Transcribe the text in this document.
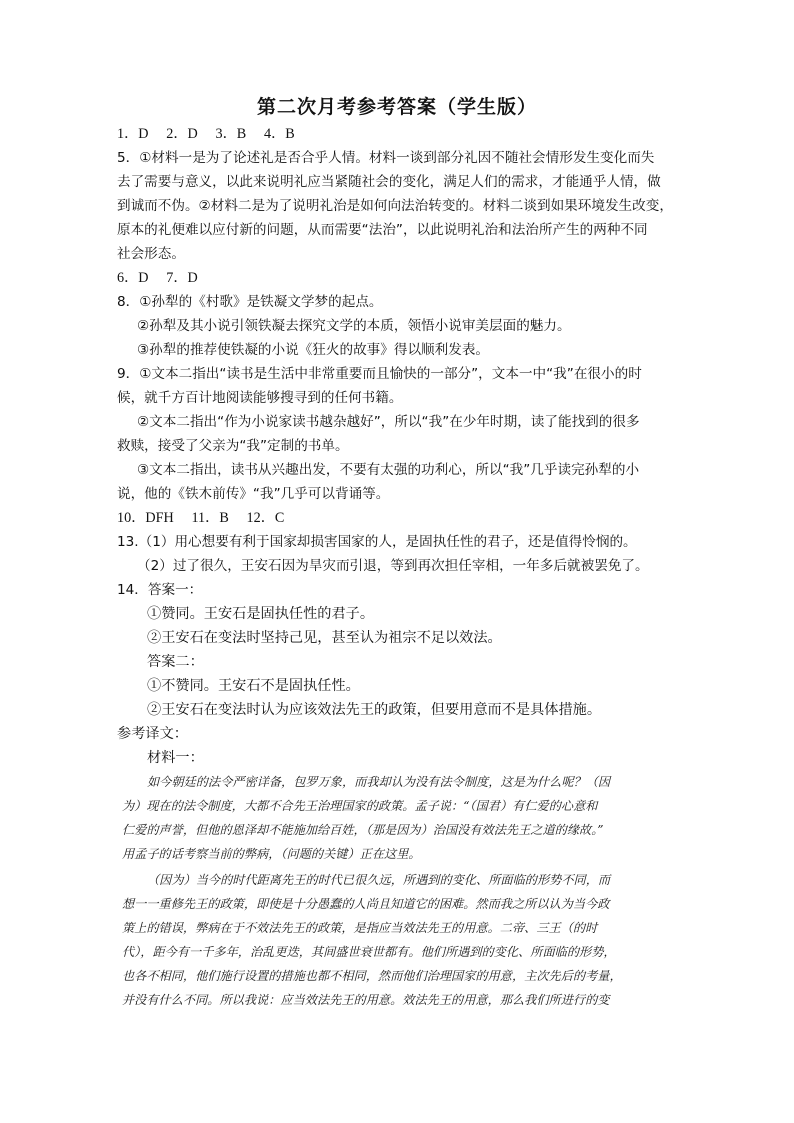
第二次月考参考答案（学生版）
1．D　 2．D　 3．B　 4．B
5．①材料一是为了论述礼是否合乎人情。材料一谈到部分礼因不随社会情形发生变化而失
去了需要与意义，以此来说明礼应当紧随社会的变化，满足人们的需求，才能通乎人情，做
到诚而不伪。②材料二是为了说明礼治是如何向法治转变的。材料二谈到如果环境发生改变，
原本的礼便难以应付新的问题，从而需要“法治”，以此说明礼治和法治所产生的两种不同
社会形态。
6．D　 7．D
8．①孙犁的《村歌》是铁凝文学梦的起点。
②孙犁及其小说引领铁凝去探究文学的本质，领悟小说审美层面的魅力。
③孙犁的推荐使铁凝的小说《狂火的故事》得以顺利发表。
9．①文本二指出“读书是生活中非常重要而且愉快的一部分”，文本一中“我”在很小的时
候，就千方百计地阅读能够搜寻到的任何书籍。
②文本二指出“作为小说家读书越杂越好”，所以“我”在少年时期，读了能找到的很多
救赎，接受了父亲为“我”定制的书单。
③文本二指出，读书从兴趣出发，不要有太强的功利心，所以“我”几乎读完孙犁的小
说，他的《铁木前传》“我”几乎可以背诵等。
10．DFH　 11．B　 12．C
13.（1）用心想要有利于国家却损害国家的人，是固执任性的君子，还是值得怜悯的。
（2）过了很久，王安石因为旱灾而引退，等到再次担任宰相，一年多后就被罢免了。
14．答案一：
①赞同。王安石是固执任性的君子。
②王安石在变法时坚持己见，甚至认为祖宗不足以效法。
答案二：
①不赞同。王安石不是固执任性。
②王安石在变法时认为应该效法先王的政策，但要用意而不是具体措施。
参考译文：
材料一：
如今朝廷的法令严密详备，包罗万象，而我却认为没有法令制度，这是为什么呢？（因
为）现在的法令制度，大都不合先王治理国家的政策。孟子说：“（国君）有仁爱的心意和
仁爱的声誉，但他的恩泽却不能施加给百姓，（那是因为）治国没有效法先王之道的缘故。”
用孟子的话考察当前的弊病，（问题的关键）正在这里。
（因为）当今的时代距离先王的时代已很久远，所遇到的变化、所面临的形势不同，而
想一一重修先王的政策，即使是十分愚蠢的人尚且知道它的困难。然而我之所以认为当今政
策上的错误，弊病在于不效法先王的政策，是指应当效法先王的用意。二帝、三王（的时
代），距今有一千多年，治乱更迭，其间盛世衰世都有。他们所遇到的变化、所面临的形势，
也各不相同，他们施行设置的措施也都不相同，然而他们治理国家的用意，主次先后的考量，
并没有什么不同。所以我说：应当效法先王的用意。效法先王的用意，那么我们所进行的变
